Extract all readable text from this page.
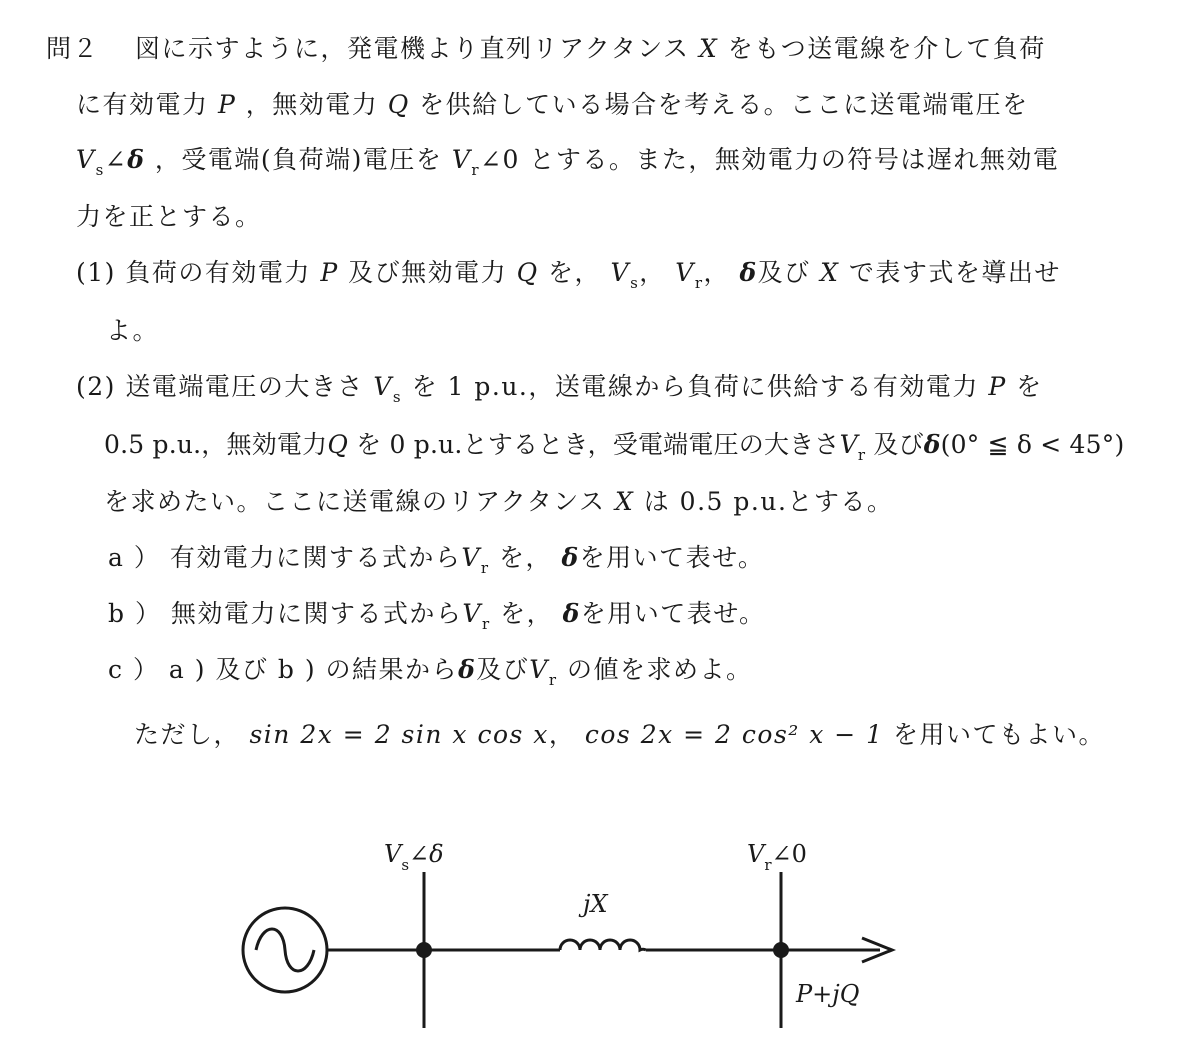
問２　 図に示すように，発電機より直列リアクタンス X をもつ送電線を介して負荷
に有効電力 P ，無効電力 Q を供給している場合を考える。ここに送電端電圧を
$V_s\angle\delta$ ，受電端(負荷端)電圧を $V_r\angle 0$ とする。また，無効電力の符号は遅れ無効電
力を正とする。
(1) 負荷の有効電力 P 及び無効電力 Q を， $V_s$， $V_r$， δ及び X で表す式を導出せ
よ。
(2) 送電端電圧の大きさ $V_s$ を 1 p.u.，送電線から負荷に供給する有効電力 P を
0.5 p.u.，無効電力Q を 0 p.u.とするとき，受電端電圧の大きさ$V_r$ 及びδ(0° ≦ δ < 45°)
を求めたい。ここに送電線のリアクタンス X は 0.5 p.u.とする。
a ） 有効電力に関する式から$V_r$ を， δを用いて表せ。
b ） 無効電力に関する式から$V_r$ を， δを用いて表せ。
c ） a ) 及び b ) の結果からδ及び$V_r$ の値を求めよ。
ただし， sin 2x = 2 sin x cos x， cos 2x = 2 cos² x − 1 を用いてもよい。
$V_s\angle\delta$	$V_r\angle 0$
jX
P+jQ
